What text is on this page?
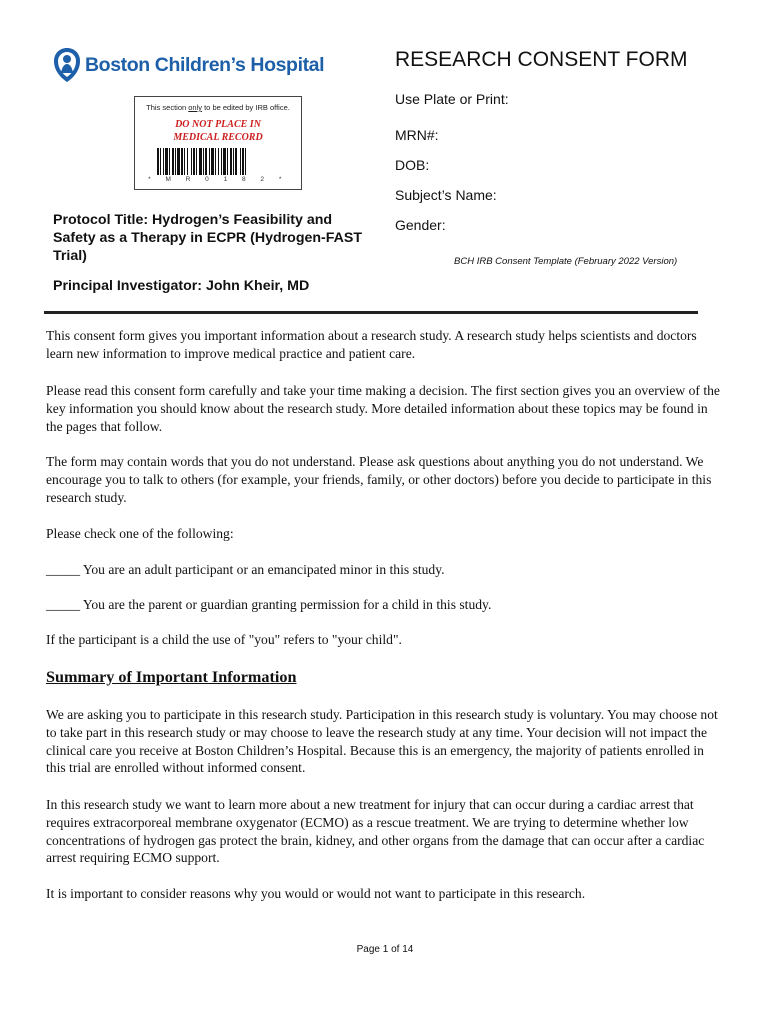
Boston Children’s Hospital
This section only to be edited by IRB office.
DO NOT PLACE IN
MEDICAL RECORD
* M R 0 1 8 2 *
RESEARCH CONSENT FORM
Use Plate or Print:
MRN#:
DOB:
Subject’s Name:
Gender:
BCH IRB Consent Template (February 2022 Version)
Protocol Title: Hydrogen’s Feasibility and Safety as a Therapy in ECPR (Hydrogen-FAST Trial)
Principal Investigator: John Kheir, MD
This consent form gives you important information about a research study. A research study helps scientists and doctors learn new information to improve medical practice and patient care.
Please read this consent form carefully and take your time making a decision. The first section gives you an overview of the key information you should know about the research study. More detailed information about these topics may be found in the pages that follow.
The form may contain words that you do not understand. Please ask questions about anything you do not understand. We encourage you to talk to others (for example, your friends, family, or other doctors) before you decide to participate in this research study.
Please check one of the following:
_____ You are an adult participant or an emancipated minor in this study.
_____ You are the parent or guardian granting permission for a child in this study.
If the participant is a child the use of "you" refers to "your child".
Summary of Important Information
We are asking you to participate in this research study. Participation in this research study is voluntary. You may choose not to take part in this research study or may choose to leave the research study at any time. Your decision will not impact the clinical care you receive at Boston Children’s Hospital. Because this is an emergency, the majority of patients enrolled in this trial are enrolled without informed consent.
In this research study we want to learn more about a new treatment for injury that can occur during a cardiac arrest that requires extracorporeal membrane oxygenator (ECMO) as a rescue treatment. We are trying to determine whether low concentrations of hydrogen gas protect the brain, kidney, and other organs from the damage that can occur after a cardiac arrest requiring ECMO support.
It is important to consider reasons why you would or would not want to participate in this research.
Page 1 of 14
